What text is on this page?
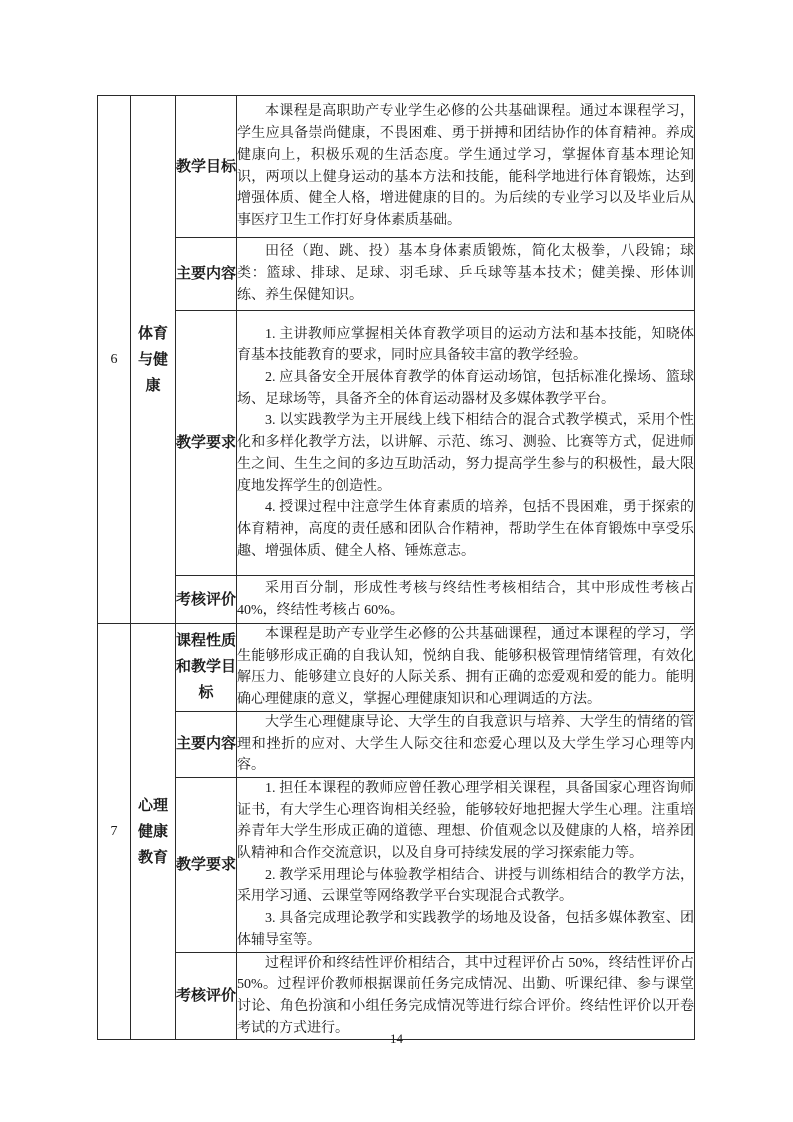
6	体育与健康	教学目标	本课程是高职助产专业学生必修的公共基础课程。通过本课程学习，学生应具备崇尚健康，不畏困难、勇于拼搏和团结协作的体育精神。养成健康向上，积极乐观的生活态度。学生通过学习，掌握体育基本理论知识，两项以上健身运动的基本方法和技能，能科学地进行体育锻炼，达到增强体质、健全人格，增进健康的目的。为后续的专业学习以及毕业后从事医疗卫生工作打好身体素质基础。

		主要内容	田径（跑、跳、投）基本身体素质锻炼，简化太极拳，八段锦；球类：篮球、排球、足球、羽毛球、乒乓球等基本技术；健美操、形体训练、养生保健知识。

		教学要求	1. 主讲教师应掌握相关体育教学项目的运动方法和基本技能，知晓体育基本技能教育的要求，同时应具备较丰富的教学经验。

2. 应具备安全开展体育教学的体育运动场馆，包括标准化操场、篮球场、足球场等，具备齐全的体育运动器材及多媒体教学平台。

3. 以实践教学为主开展线上线下相结合的混合式教学模式，采用个性化和多样化教学方法，以讲解、示范、练习、测验、比赛等方式，促进师生之间、生生之间的多边互助活动，努力提高学生参与的积极性，最大限度地发挥学生的创造性。

4. 授课过程中注意学生体育素质的培养，包括不畏困难，勇于探索的体育精神，高度的责任感和团队合作精神，帮助学生在体育锻炼中享受乐趣、增强体质、健全人格、锤炼意志。

		考核评价	采用百分制，形成性考核与终结性考核相结合，其中形成性考核占 40%，终结性考核占 60%。

7	心理健康教育	课程性质和教学目标	本课程是助产专业学生必修的公共基础课程，通过本课程的学习，学生能够形成正确的自我认知，悦纳自我、能够积极管理情绪管理，有效化解压力、能够建立良好的人际关系、拥有正确的恋爱观和爱的能力。能明确心理健康的意义，掌握心理健康知识和心理调适的方法。

		主要内容	大学生心理健康导论、大学生的自我意识与培养、大学生的情绪的管理和挫折的应对、大学生人际交往和恋爱心理以及大学生学习心理等内容。

		教学要求	1. 担任本课程的教师应曾任教心理学相关课程，具备国家心理咨询师证书，有大学生心理咨询相关经验，能够较好地把握大学生心理。注重培养青年大学生形成正确的道德、理想、价值观念以及健康的人格，培养团队精神和合作交流意识，以及自身可持续发展的学习探索能力等。

2. 教学采用理论与体验教学相结合、讲授与训练相结合的教学方法，采用学习通、云课堂等网络教学平台实现混合式教学。

3. 具备完成理论教学和实践教学的场地及设备，包括多媒体教室、团体辅导室等。

		考核评价	过程评价和终结性评价相结合，其中过程评价占 50%，终结性评价占 50%。过程评价教师根据课前任务完成情况、出勤、听课纪律、参与课堂讨论、角色扮演和小组任务完成情况等进行综合评价。终结性评价以开卷考试的方式进行。

14
